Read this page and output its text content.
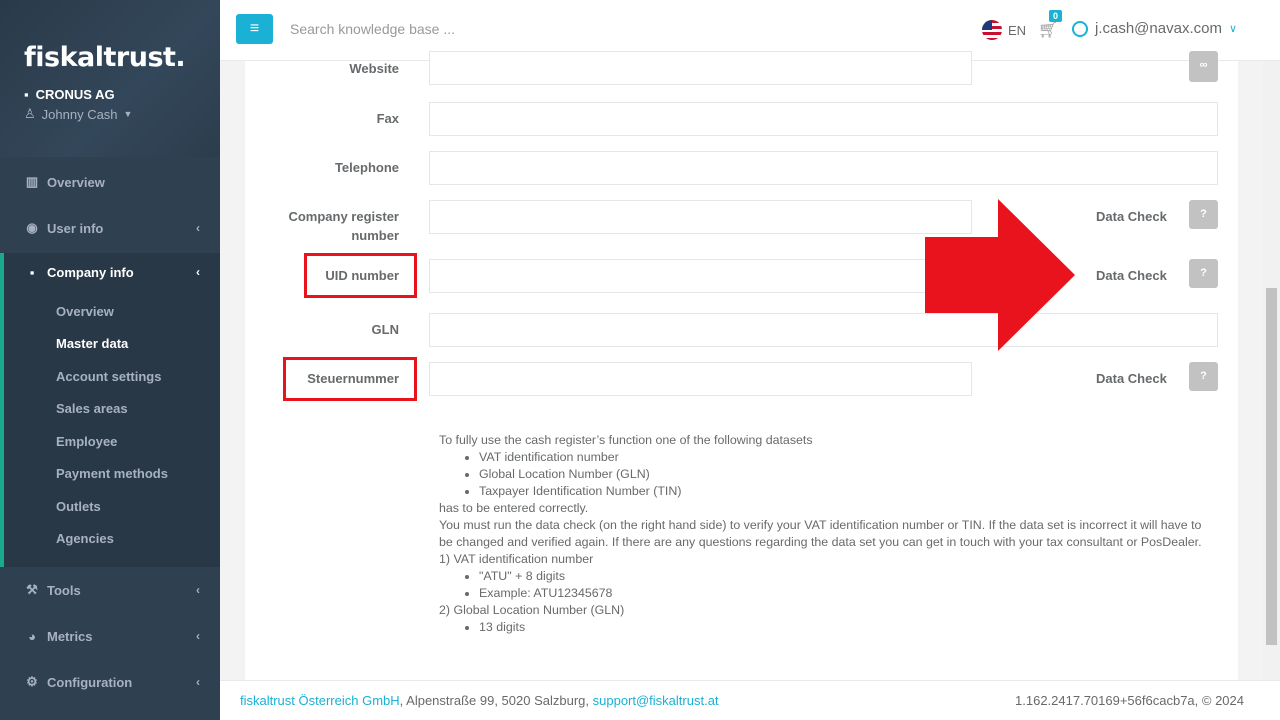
fiskaltrust.
▪ CRONUS AG
♙ Johnny Cash ▼
▥ Overview
◉ User info	‹
▪ Company info	‹
Overview
Master data
Account settings
Sales areas
Employee
Payment methods
Outlets
Agencies
⚒ Tools	‹
◕ Metrics	‹
⚙ Configuration	‹
≡	Search knowledge base ...	EN 🛒︎
0
j.cash@navax.com ∨
Website	∞
Fax
Telephone
Company register
number
Data Check	?
UID number	Data Check	?
GLN
Steuernummer	Data Check	?

To fully use the cash register’s function one of the following datasets

• VAT identification number
• Global Location Number (GLN)
• Taxpayer Identification Number (TIN)

has to be entered correctly.

You must run the data check (on the right hand side) to verify your VAT identification number or TIN. If the data set is incorrect it will have to be changed and verified again. If there are any questions regarding the data set you can get in touch with your tax consultant or PosDealer.

1) VAT identification number

• "ATU" + 8 digits
• Example: ATU12345678

2) Global Location Number (GLN)

• 13 digits
fiskaltrust Österreich GmbH, Alpenstraße 99, 5020 Salzburg, support@fiskaltrust.at	1.162.2417.70169+56f6cacb7a, © 2024
